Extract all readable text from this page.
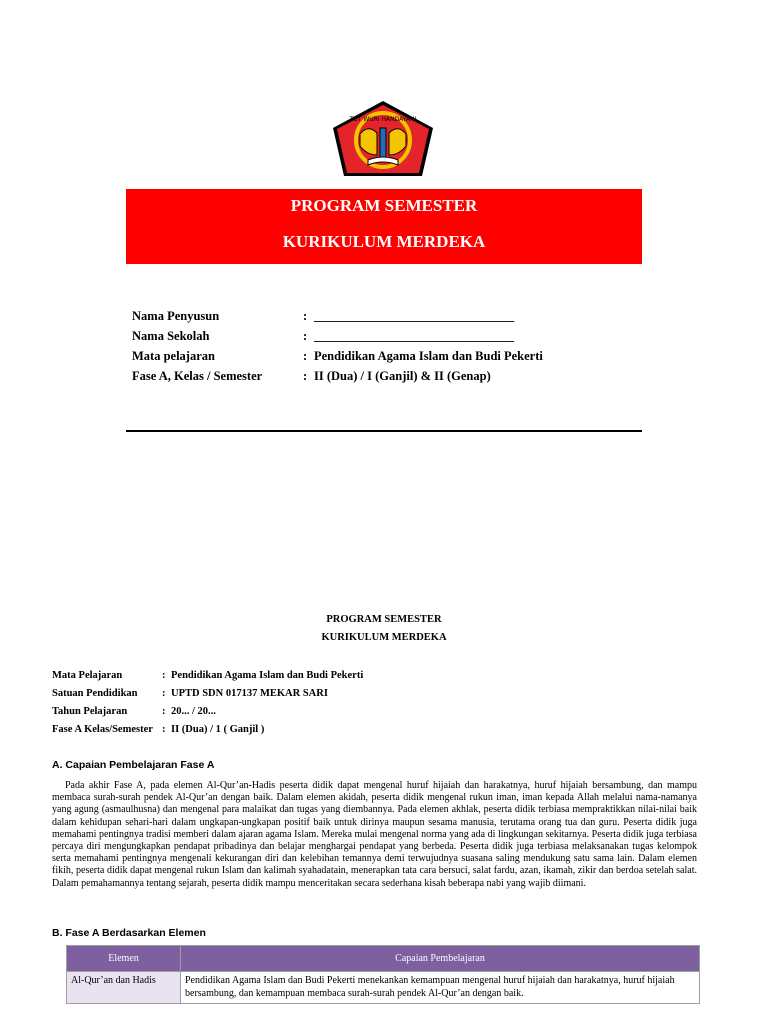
TUT WURI HANDAYANI
PROGRAM SEMESTER
KURIKULUM MERDEKA
Nama Penyusun	: ________________________________
Nama Sekolah	: ________________________________
Mata pelajaran	: Pendidikan Agama Islam dan Budi Pekerti
Fase A, Kelas / Semester	: II (Dua) / I (Ganjil) & II (Genap)
PROGRAM SEMESTER
KURIKULUM MERDEKA
Mata Pelajaran	: Pendidikan Agama Islam dan Budi Pekerti
Satuan Pendidikan : UPTD SDN 017137 MEKAR SARI
Tahun Pelajaran	: 20... / 20...
Fase A Kelas/Semester : II (Dua) / 1 ( Ganjil )
A. Capaian Pembelajaran Fase A
Pada akhir Fase A, pada elemen Al-Qur’an-Hadis peserta didik dapat mengenal huruf hijaiah dan harakatnya, huruf hijaiah bersambung, dan mampu membaca surah-surah pendek Al-Qur’an dengan baik. Dalam elemen akidah, peserta didik mengenal rukun iman, iman kepada Allah melalui nama-namanya yang agung (asmaulhusna) dan mengenal para malaikat dan tugas yang diembannya. Pada elemen akhlak, peserta didik terbiasa mempraktikkan nilai-nilai baik dalam kehidupan sehari-hari dalam ungkapan-ungkapan positif baik untuk dirinya maupun sesama manusia, terutama orang tua dan guru. Peserta didik juga memahami pentingnya tradisi memberi dalam ajaran agama Islam. Mereka mulai mengenal norma yang ada di lingkungan sekitarnya. Peserta didik juga terbiasa percaya diri mengungkapkan pendapat pribadinya dan belajar menghargai pendapat yang berbeda. Peserta didik juga terbiasa melaksanakan tugas kelompok serta memahami pentingnya mengenali kekurangan diri dan kelebihan temannya demi terwujudnya suasana saling mendukung satu sama lain. Dalam elemen fikih, peserta didik dapat mengenal rukun Islam dan kalimah syahadatain, menerapkan tata cara bersuci, salat fardu, azan, ikamah, zikir dan berdoa setelah salat. Dalam pemahamannya tentang sejarah, peserta didik mampu menceritakan secara sederhana kisah beberapa nabi yang wajib diimani.
B. Fase A Berdasarkan Elemen
Elemen	Capaian Pembelajaran
Al-Qur’an dan Hadis	Pendidikan Agama Islam dan Budi Pekerti menekankan kemampuan mengenal huruf hijaiah dan harakatnya, huruf hijaiah bersambung, dan kemampuan membaca surah-surah pendek Al-Qur’an dengan baik.
